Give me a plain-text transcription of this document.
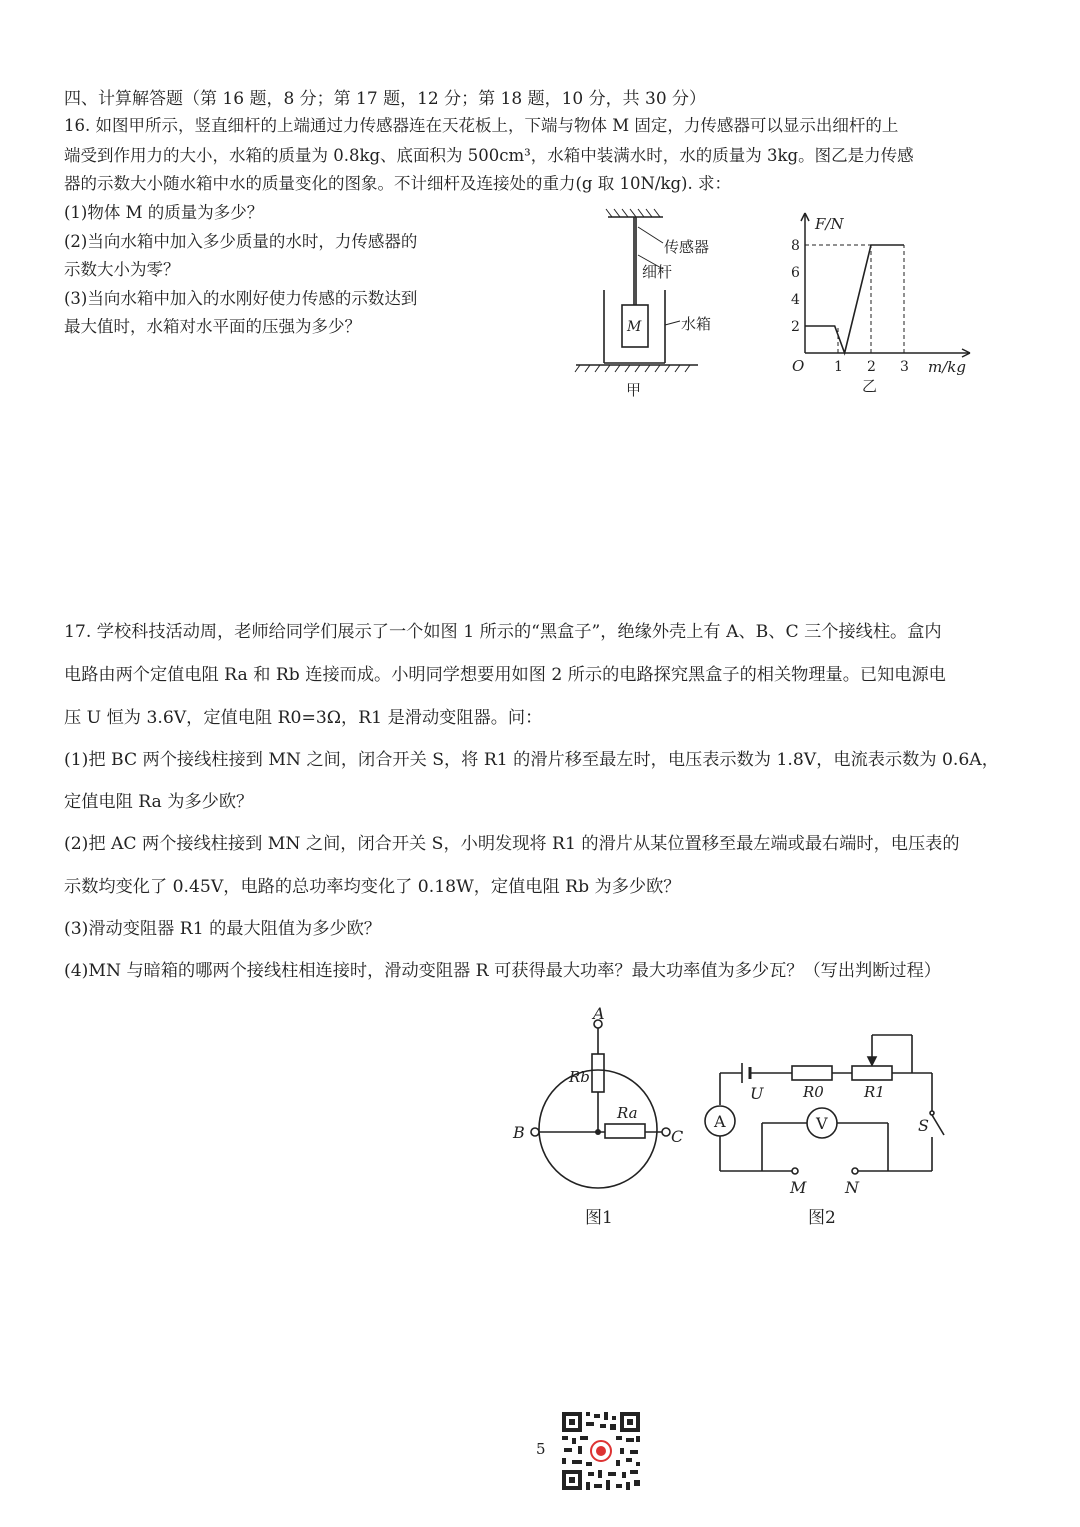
四、计算解答题（第 16 题，8 分；第 17 题，12 分；第 18 题，10 分，共 30 分）
16. 如图甲所示，竖直细杆的上端通过力传感器连在天花板上，下端与物体 M 固定，力传感器可以显示出细杆的上
端受到作用力的大小，水箱的质量为 0.8kg、底面积为 500cm³，水箱中装满水时，水的质量为 3kg。图乙是力传感
器的示数大小随水箱中水的质量变化的图象。不计细杆及连接处的重力(g 取 10N/kg). 求：
(1)物体 M 的质量为多少？
(2)当向水箱中加入多少质量的水时，力传感器的
示数大小为零？
(3)当向水箱中加入的水刚好使力传感的示数达到
最大值时，水箱对水平面的压强为多少？
传感器
细杆
M	水箱
甲
2
4
6
8
1 2 3
F/N
m/kg
O
乙
17. 学校科技活动周，老师给同学们展示了一个如图 1 所示的“黑盒子”，绝缘外壳上有 A、B、C 三个接线柱。盒内
电路由两个定值电阻 Ra 和 Rb 连接而成。小明同学想要用如图 2 所示的电路探究黑盒子的相关物理量。已知电源电
压 U 恒为 3.6V，定值电阻 R0=3Ω，R1 是滑动变阻器。问：
(1)把 BC 两个接线柱接到 MN 之间，闭合开关 S，将 R1 的滑片移至最左时，电压表示数为 1.8V，电流表示数为 0.6A，
定值电阻 Ra 为多少欧？
(2)把 AC 两个接线柱接到 MN 之间，闭合开关 S，小明发现将 R1 的滑片从某位置移至最左端或最右端时，电压表的
示数均变化了 0.45V，电路的总功率均变化了 0.18W，定值电阻 Rb 为多少欧？
(3)滑动变阻器 R1 的最大阻值为多少欧？
(4)MN 与暗箱的哪两个接线柱相连接时，滑动变阻器 R 可获得最大功率？最大功率值为多少瓦？（写出判断过程）
A
B	C
Rb
Ra
图1
A	V
U	R0	R1
S
M N
图2
5
